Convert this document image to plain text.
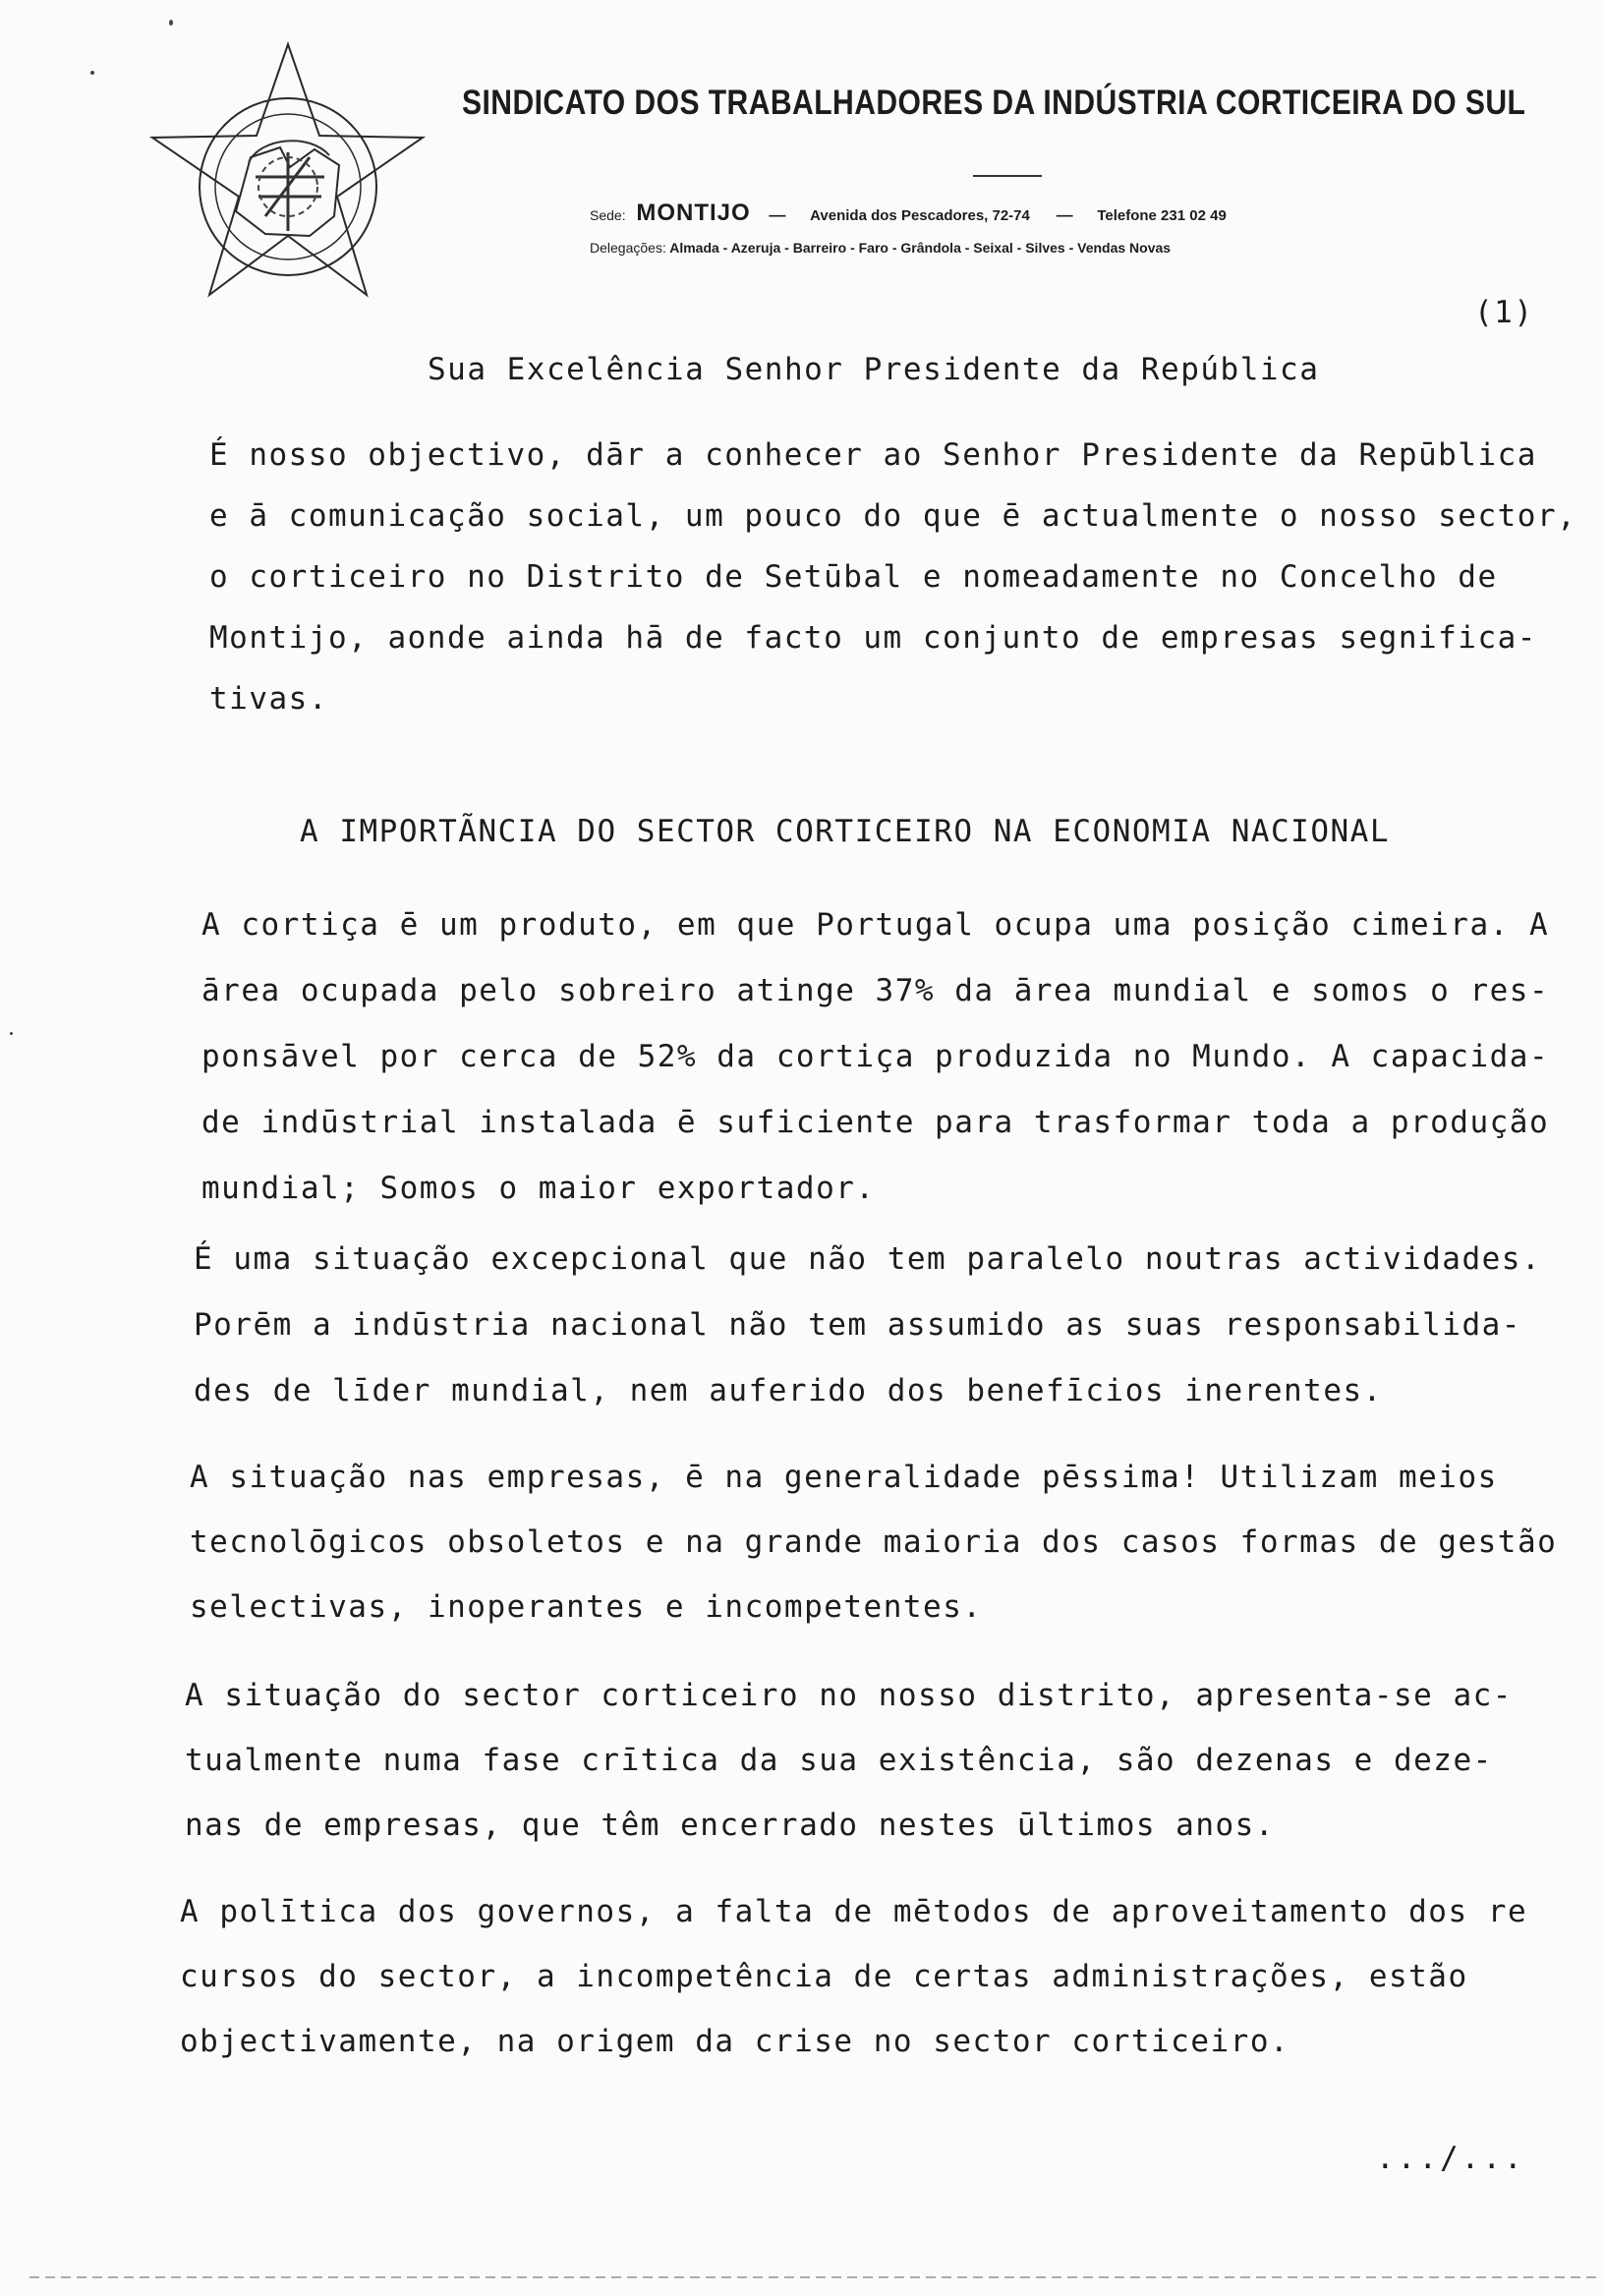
SINDICATO DOS TRABALHADORES DA INDÚSTRIA CORTICEIRA DO SUL
Sede: MONTIJO — Avenida dos Pescadores, 72-74 — Telefone 231 02 49
Delegações: Almada - Azeruja - Barreiro - Faro - Grândola - Seixal - Silves - Vendas Novas
(1)
Sua Excelência Senhor Presidente da República
É nosso objectivo, dār a conhecer ao Senhor Presidente da Repūblica
e ā comunicação social, um pouco do que ē actualmente o nosso sector,
o corticeiro no Distrito de Setūbal e nomeadamente no Concelho de
Montijo, aonde ainda hā de facto um conjunto de empresas segnifica-
tivas.
A IMPORTÃNCIA DO SECTOR CORTICEIRO NA ECONOMIA NACIONAL
A cortiça ē um produto, em que Portugal ocupa uma posição cimeira. A
ārea ocupada pelo sobreiro atinge 37% da ārea mundial e somos o res-
ponsāvel por cerca de 52% da cortiça produzida no Mundo. A capacida-
de indūstrial instalada ē suficiente para trasformar toda a produção
mundial; Somos o maior exportador.
É uma situação excepcional que não tem paralelo noutras actividades.
Porēm a indūstria nacional não tem assumido as suas responsabilida-
des de līder mundial, nem auferido dos benefīcios inerentes.
A situação nas empresas, ē na generalidade pēssima! Utilizam meios
tecnolōgicos obsoletos e na grande maioria dos casos formas de gestão
selectivas, inoperantes e incompetentes.
A situação do sector corticeiro no nosso distrito, apresenta-se ac-
tualmente numa fase crītica da sua existência, são dezenas e deze-
nas de empresas, que têm encerrado nestes ūltimos anos.
A polītica dos governos, a falta de mētodos de aproveitamento dos re
cursos do sector, a incompetência de certas administrações, estão
objectivamente, na origem da crise no sector corticeiro.
.../...
